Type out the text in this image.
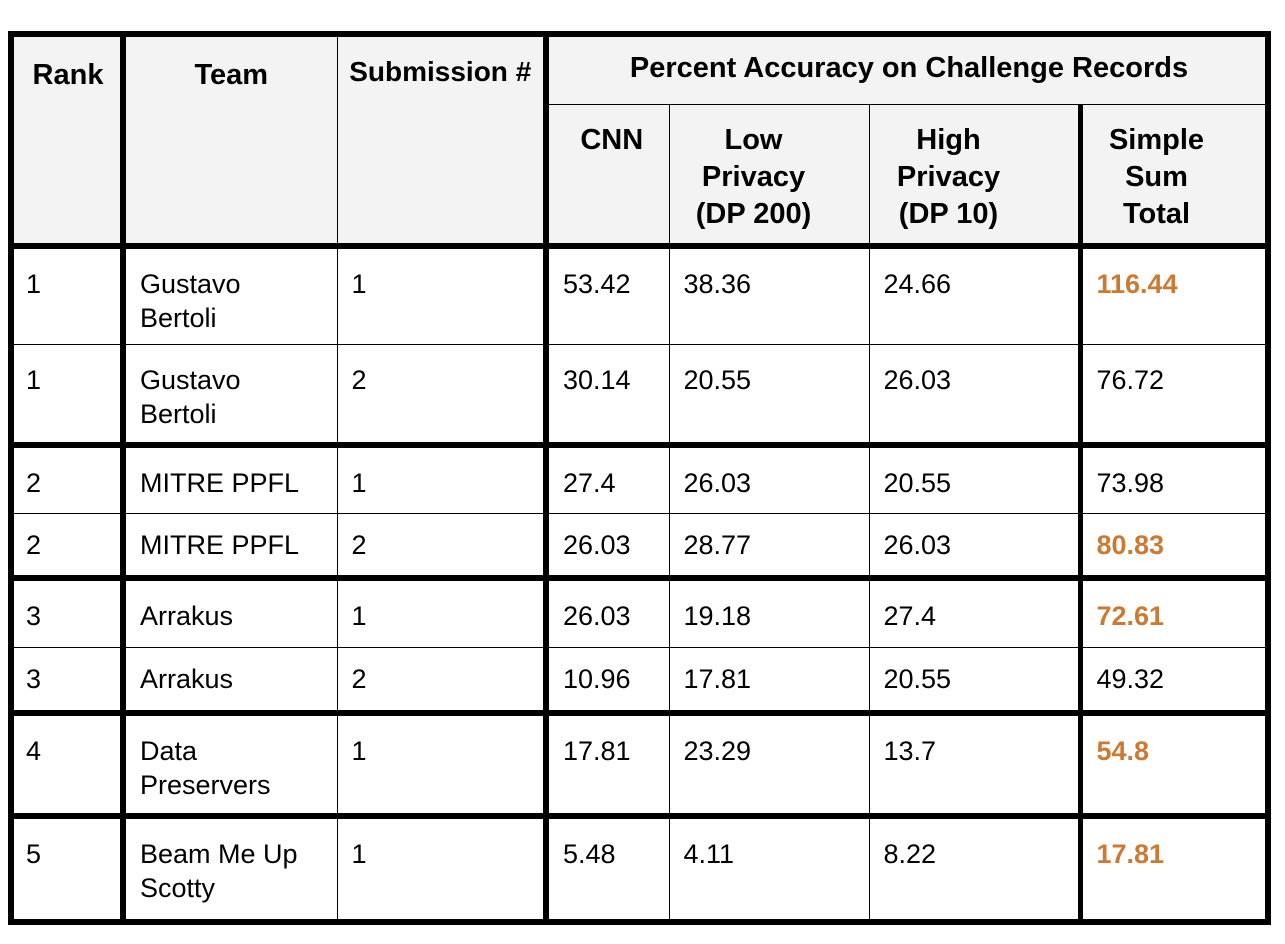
Rank	Team	Submission #	Percent Accuracy on Challenge Records			

			CNN	Low Privacy (DP 200)	High Privacy (DP 10)	Simple Sum Total

1	Gustavo Bertoli	1	53.42	38.36	24.66	116.44

1	Gustavo Bertoli	2	30.14	20.55	26.03	76.72

2	MITRE PPFL	1	27.4	26.03	20.55	73.98

2	MITRE PPFL	2	26.03	28.77	26.03	80.83

3	Arrakus	1	26.03	19.18	27.4	72.61

3	Arrakus	2	10.96	17.81	20.55	49.32

4	Data Preservers	1	17.81	23.29	13.7	54.8

5	Beam Me Up Scotty	1	5.48	4.11	8.22	17.81
